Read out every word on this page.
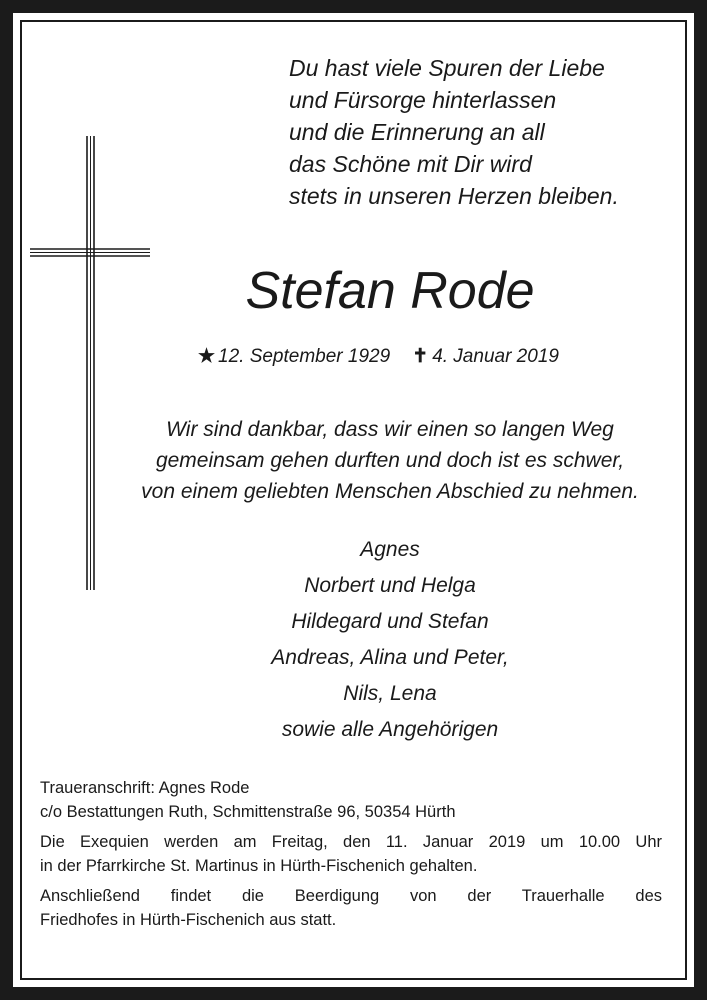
Du hast viele Spuren der Liebe
und Fürsorge hinterlassen
und die Erinnerung an all
das Schöne mit Dir wird
stets in unseren Herzen bleiben.
Stefan Rode
★ 12. September 1929 ✝ 4. Januar 2019
Wir sind dankbar, dass wir einen so langen Weg
gemeinsam gehen durften und doch ist es schwer,
von einem geliebten Menschen Abschied zu nehmen.
Agnes
Norbert und Helga
Hildegard und Stefan
Andreas, Alina und Peter,
Nils, Lena
sowie alle Angehörigen

Traueranschrift: Agnes Rode

c/o Bestattungen Ruth, Schmittenstraße 96, 50354 Hürth

Die Exequien werden am Freitag, den 11. Januar 2019 um 10.00 Uhr

in der Pfarrkirche St. Martinus in Hürth-Fischenich gehalten.

Anschließend findet die Beerdigung von der Trauerhalle des

Friedhofes in Hürth-Fischenich aus statt.
